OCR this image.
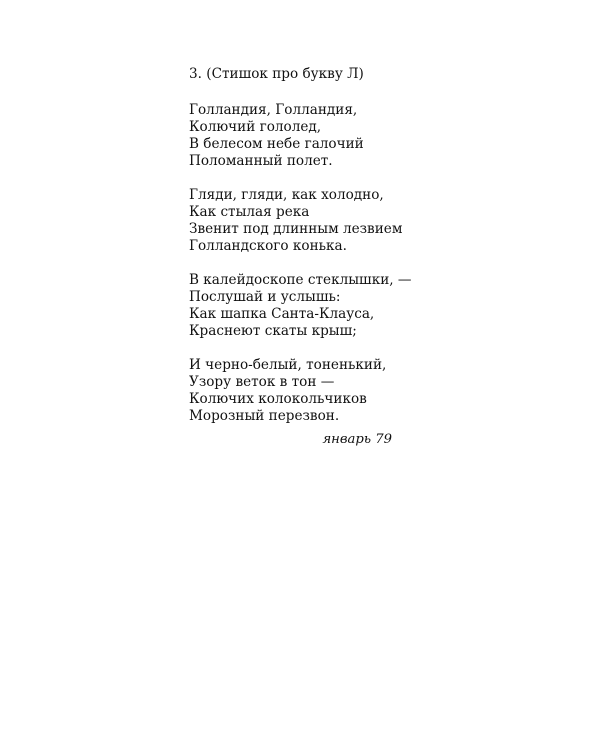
3. (Стишок про букву Л)
Голландия, Голландия,
Колючий гололед,
В белесом небе галочий
Поломанный полет.
Гляди, гляди, как холодно,
Как стылая река
Звенит под длинным лезвием
Голландского конька.
В калейдоскопе стеклышки, —
Послушай и услышь:
Как шапка Санта-Клауса,
Краснеют скаты крыш;
И черно-белый, тоненький,
Узору веток в тон —
Колючих колокольчиков
Морозный перезвон.
январь 79
